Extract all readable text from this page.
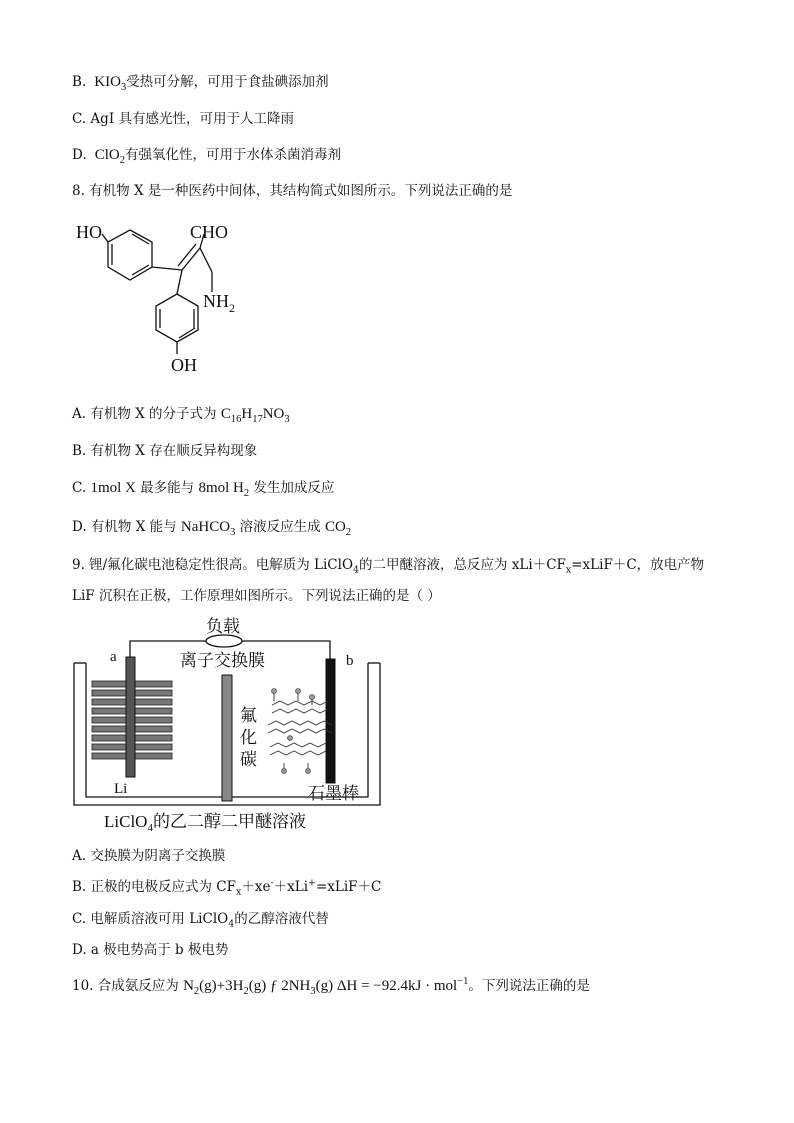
B. $KIO_3$受热可分解，可用于食盐碘添加剂
C. AgI 具有感光性，可用于人工降雨
D. ClO$_2$有强氧化性，可用于水体杀菌消毒剂
8. 有机物 X 是一种医药中间体，其结构简式如图所示。下列说法正确的是
HO	CHO
$NH_2$
OH
A. 有机物 X 的分子式为 $C_{16}H_{17}NO_3$
B. 有机物 X 存在顺反异构现象
C. 1mol X 最多能与 8mol $H_2$ 发生加成反应
D. 有机物 X 能与 NaHCO$_3$ 溶液反应生成 $CO_2$
9. 锂/氟化碳电池稳定性很高。电解质为 LiClO$_4$的二甲醚溶液，总反应为 $xLi+CF_x=xLiF+C$，放电产物
LiF 沉积在正极，工作原理如图所示。下列说法正确的是（ ）
负载
a	b
离子交换膜
Li
氟
化
碳
石墨棒
LiClO$_4$的乙二醇二甲醚溶液
A. 交换膜为阴离子交换膜
B. 正极的电极反应式为 $CF_x+xe^-+xLi^+=xLiF+C$
C. 电解质溶液可用 LiClO$_4$的乙醇溶液代替
D. a 极电势高于 b 极电势
10. 合成氨反应为 $N_2(g)+3H_2(g)$ ƒ $2NH_3(g) \Delta H = -92.4kJ \cdot mol^{-1}$。下列说法正确的是
